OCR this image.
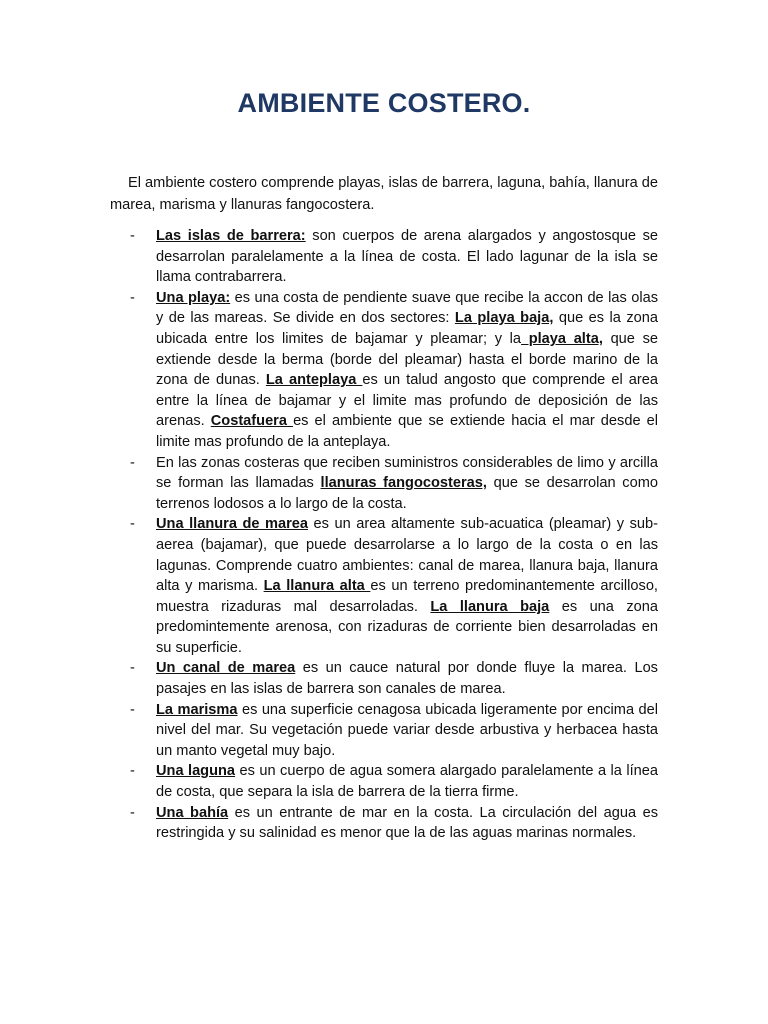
AMBIENTE COSTERO.

El ambiente costero comprende playas, islas de barrera, laguna, bahía, llanura de marea, marisma y llanuras fangocostera.

- Las islas de barrera: son cuerpos de arena alargados y angostosque se desarrolan paralelamente a la línea de costa. El lado lagunar de la isla se llama contrabarrera.
- Una playa: es una costa de pendiente suave que recibe la accon de las olas y de las mareas. Se divide en dos sectores: La playa baja, que es la zona ubicada entre los limites de bajamar y pleamar; y la playa alta, que se extiende desde la berma (borde del pleamar) hasta el borde marino de la zona de dunas. La anteplaya es un talud angosto que comprende el area entre la línea de bajamar y el limite mas profundo de deposición de las arenas. Costafuera es el ambiente que se extiende hacia el mar desde el limite mas profundo de la anteplaya.
- En las zonas costeras que reciben suministros considerables de limo y arcilla se forman las llamadas llanuras fangocosteras, que se desarrolan como terrenos lodosos a lo largo de la costa.
- Una llanura de marea es un area altamente sub-acuatica (pleamar) y sub-aerea (bajamar), que puede desarrolarse a lo largo de la costa o en las lagunas. Comprende cuatro ambientes: canal de marea, llanura baja, llanura alta y marisma. La llanura alta es un terreno predominantemente arcilloso, muestra rizaduras mal desarroladas. La llanura baja es una zona predomintemente arenosa, con rizaduras de corriente bien desarroladas en su superficie.
- Un canal de marea es un cauce natural por donde fluye la marea. Los pasajes en las islas de barrera son canales de marea.
- La marisma es una superficie cenagosa ubicada ligeramente por encima del nivel del mar. Su vegetación puede variar desde arbustiva y herbacea hasta un manto vegetal muy bajo.
- Una laguna es un cuerpo de agua somera alargado paralelamente a la línea de costa, que separa la isla de barrera de la tierra firme.
- Una bahía es un entrante de mar en la costa. La circulación del agua es restringida y su salinidad es menor que la de las aguas marinas normales.
